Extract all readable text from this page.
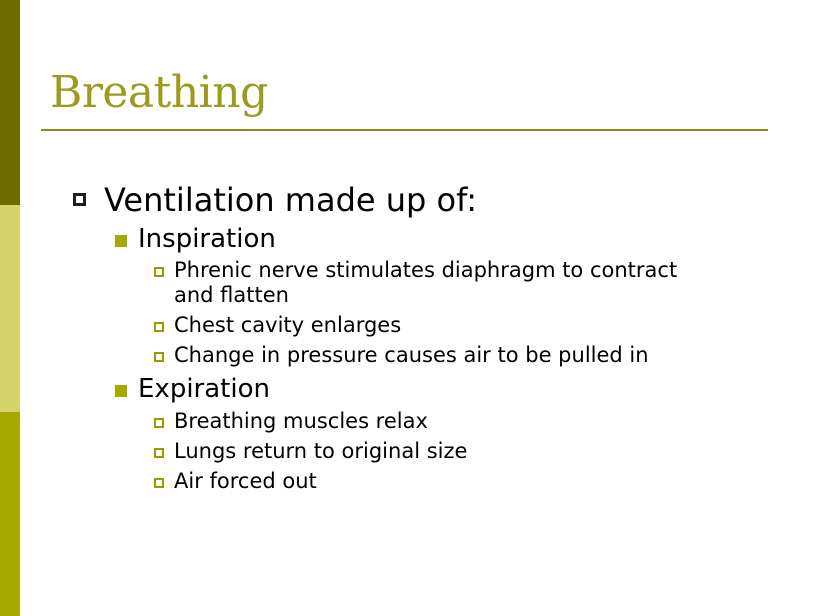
Breathing
Ventilation made up of:
Inspiration
Phrenic nerve stimulates diaphragm to contract
and flatten
Chest cavity enlarges
Change in pressure causes air to be pulled in
Expiration
Breathing muscles relax
Lungs return to original size
Air forced out
